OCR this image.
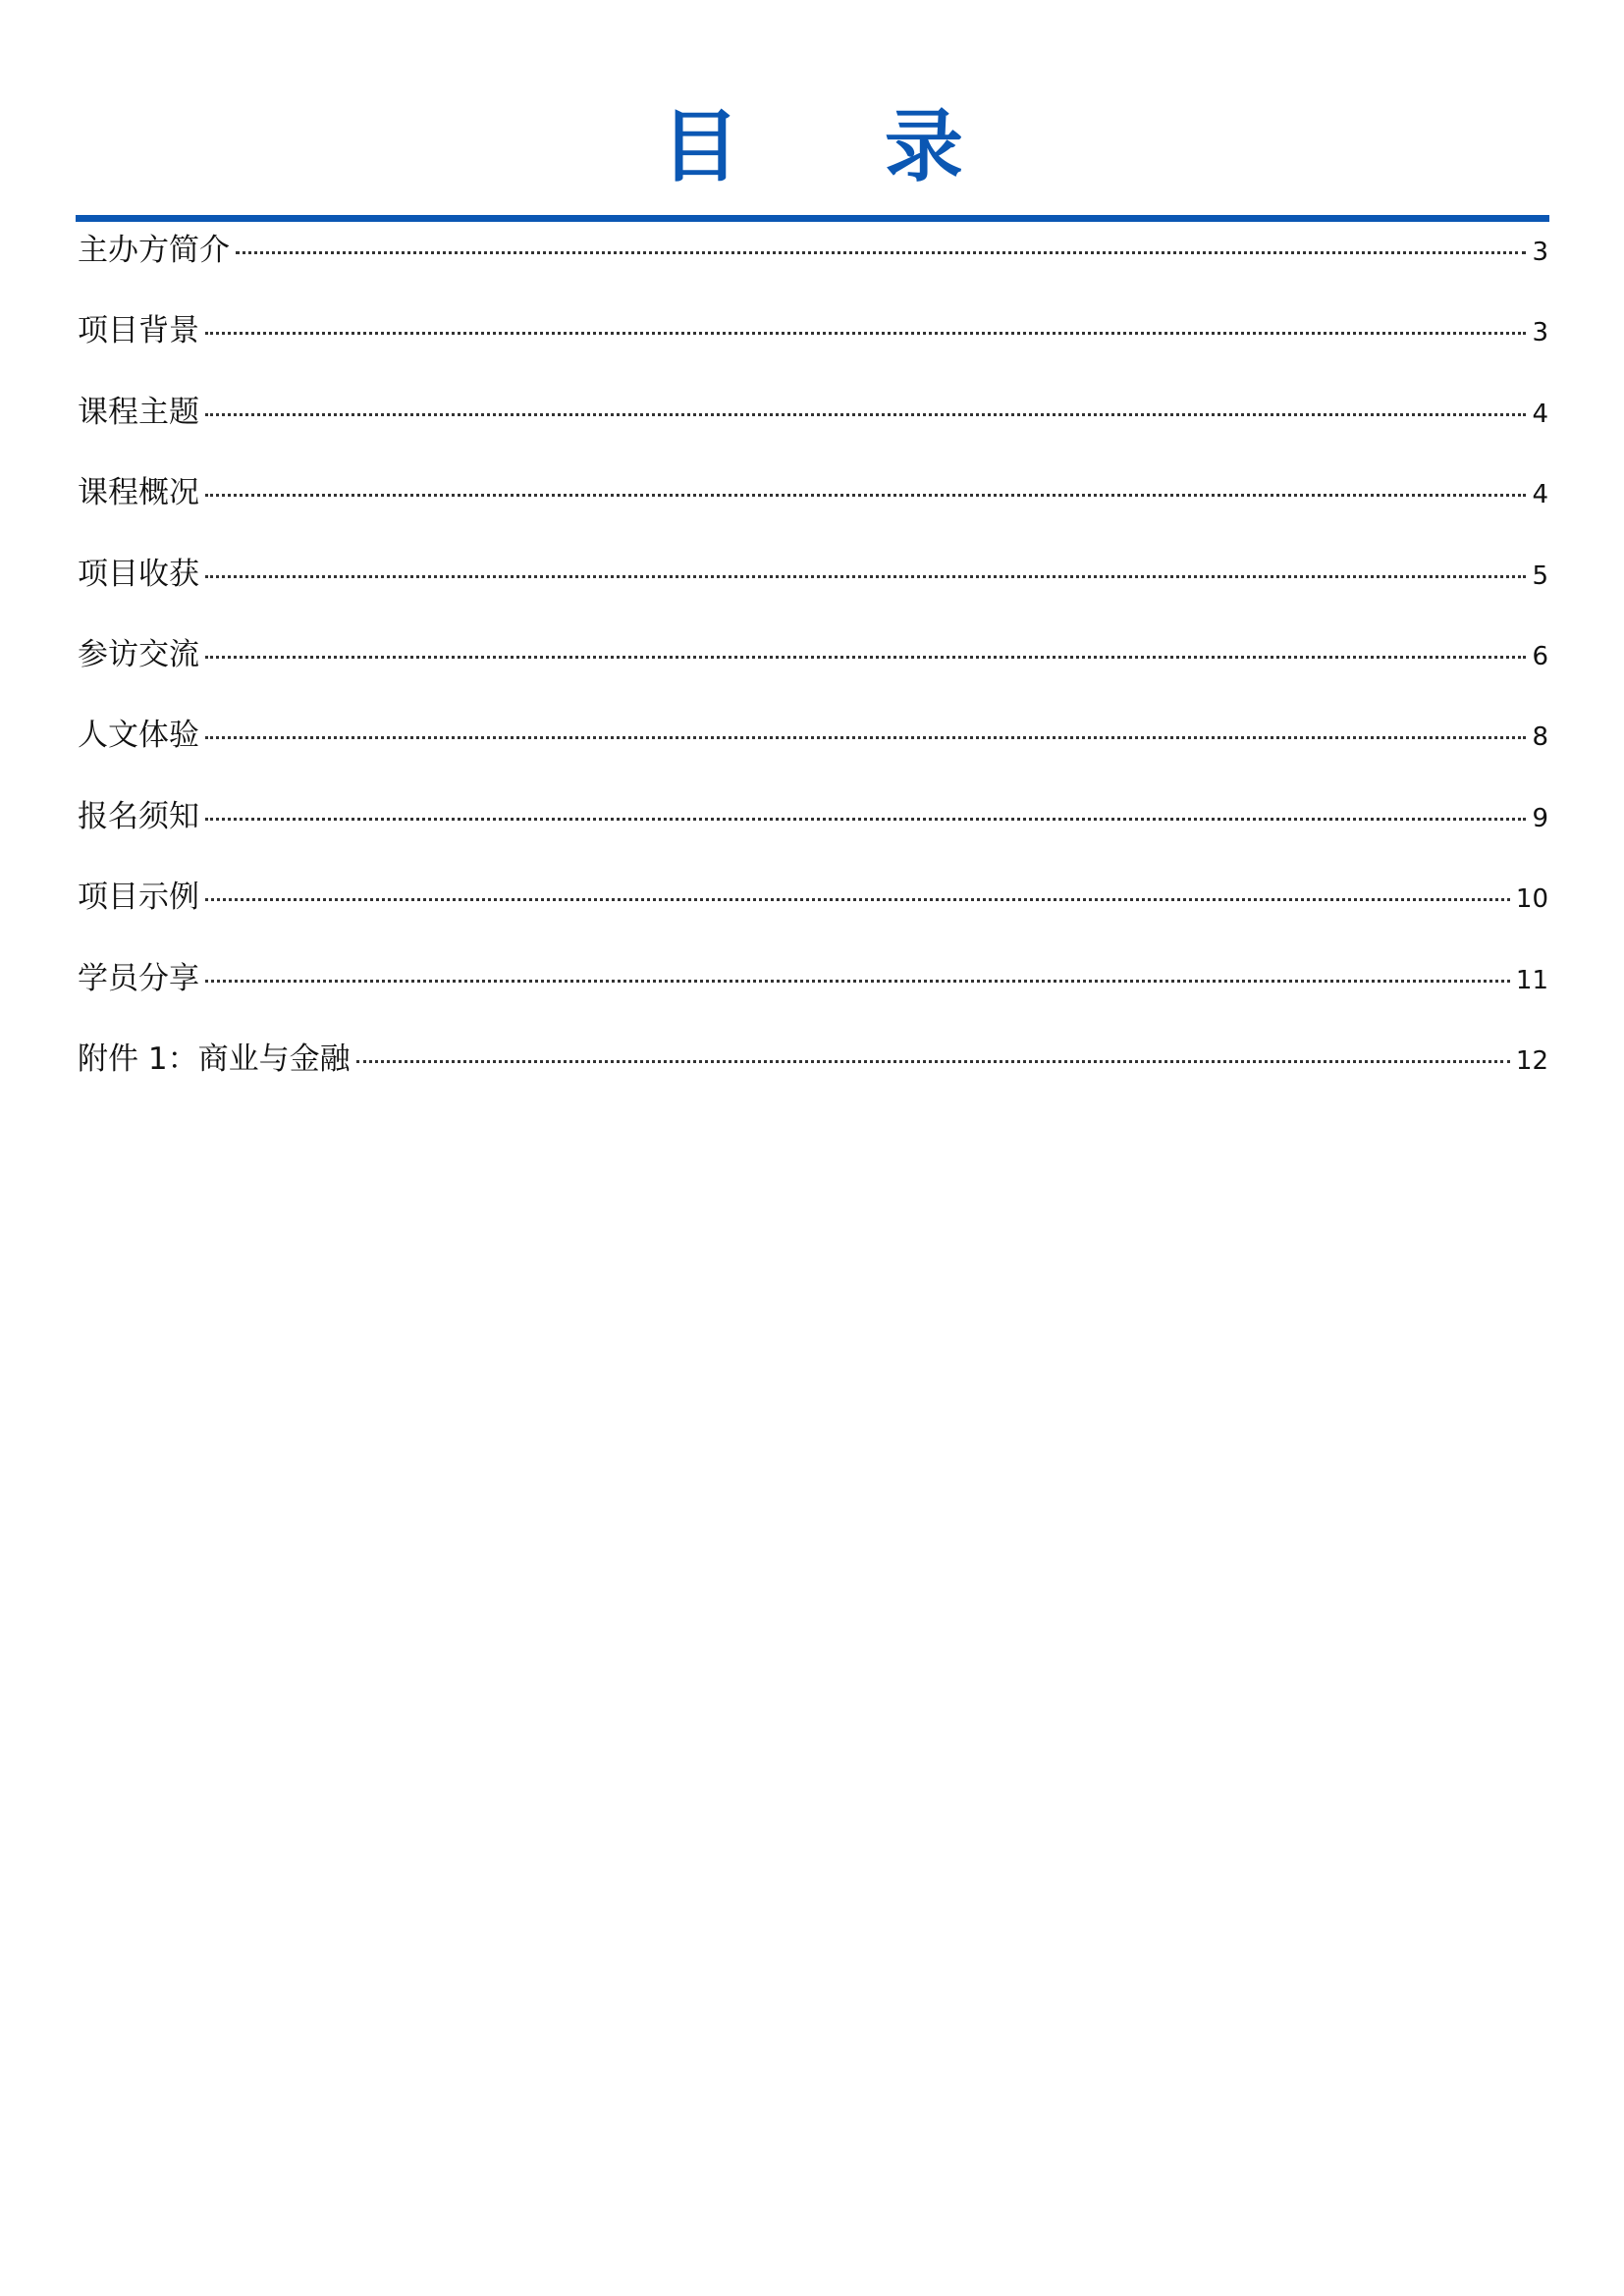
目 录
主办方简介	3
项目背景	3
课程主题	4
课程概况	4
项目收获	5
参访交流	6
人文体验	8
报名须知	9
项目示例	10
学员分享	11
附件 1：商业与金融	12
